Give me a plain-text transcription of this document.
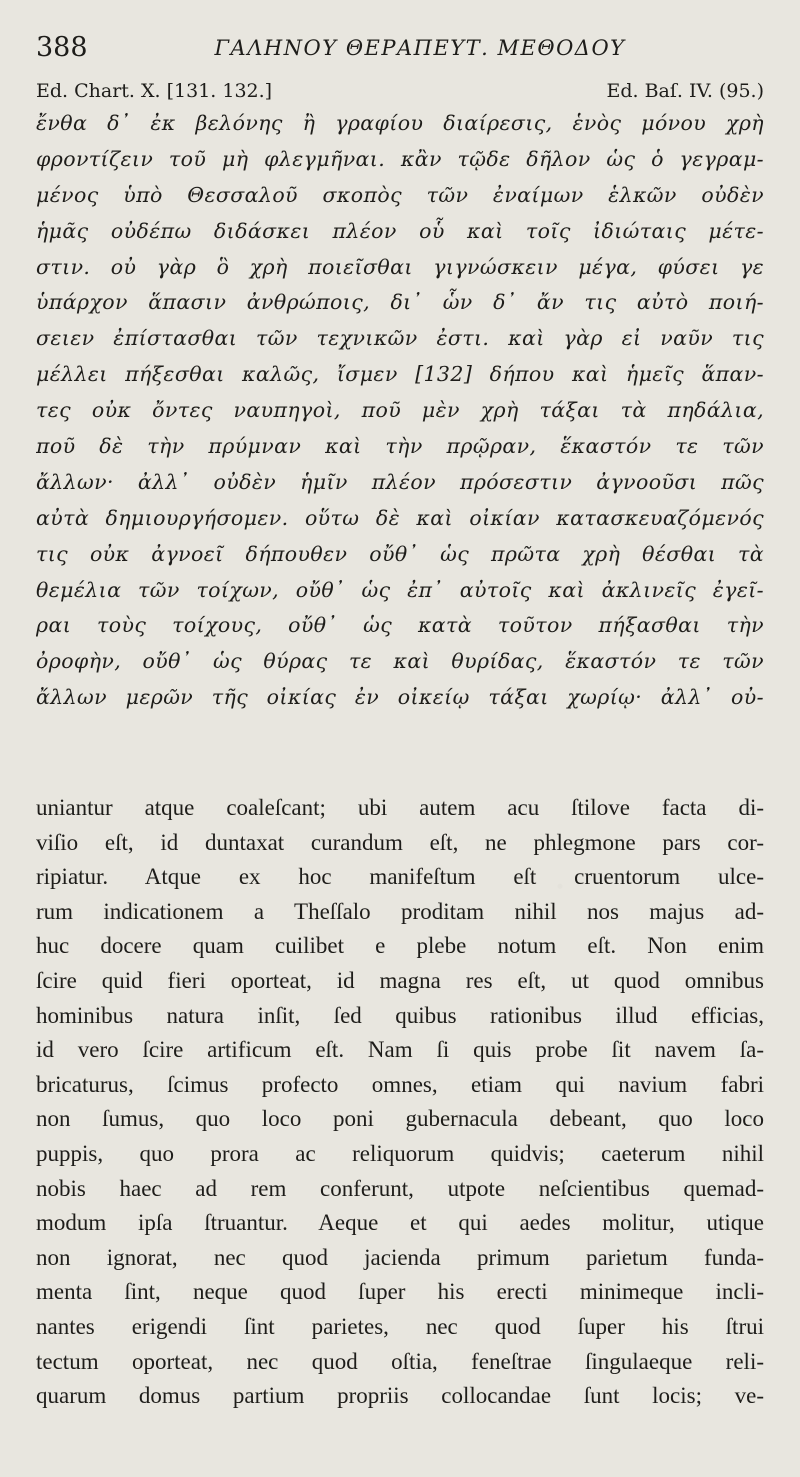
388	ΓΑΛΗΝΟΥ ΘΕΡΑΠΕΥΤ. ΜΕΘΟΔΟΥ
Ed. Chart. X. [131. 132.]	Ed. Baſ. IV. (95.)
ἔνθα δ᾽ ἐκ βελόνης ἢ γραφίου διαίρεσις, ἑνὸς μόνου χρὴ
φροντίζειν τοῦ μὴ φλεγμῆναι. κἂν τῷδε δῆλον ὡς ὁ γεγραμ-
μένος ὑπὸ Θεσσαλοῦ σκοπὸς τῶν ἐναίμων ἑλκῶν οὐδὲν
ἡμᾶς οὐδέπω διδάσκει πλέον οὗ καὶ τοῖς ἰδιώταις μέτε-
στιν. οὐ γὰρ ὃ χρὴ ποιεῖσθαι γιγνώσκειν μέγα, φύσει γε
ὑπάρχον ἅπασιν ἀνθρώποις, δι᾽ ὧν δ᾽ ἄν τις αὐτὸ ποιή-
σειεν ἐπίστασθαι τῶν τεχνικῶν ἐστι. καὶ γὰρ εἰ ναῦν τις
μέλλει πήξεσθαι καλῶς, ἴσμεν [132] δήπου καὶ ἡμεῖς ἅπαν-
τες οὐκ ὄντες ναυπηγοὶ, ποῦ μὲν χρὴ τάξαι τὰ πηδάλια,
ποῦ δὲ τὴν πρύμναν καὶ τὴν πρῷραν, ἕκαστόν τε τῶν
ἄλλων· ἀλλ᾽ οὐδὲν ἡμῖν πλέον πρόσεστιν ἀγνοοῦσι πῶς
αὐτὰ δημιουργήσομεν. οὕτω δὲ καὶ οἰκίαν κατασκευαζόμενός
τις οὐκ ἀγνοεῖ δήπουθεν οὔθ᾽ ὡς πρῶτα χρὴ θέσθαι τὰ
θεμέλια τῶν τοίχων, οὔθ᾽ ὡς ἐπ᾽ αὐτοῖς καὶ ἀκλινεῖς ἐγεῖ-
ραι τοὺς τοίχους, οὔθ᾽ ὡς κατὰ τοῦτον πήξασθαι τὴν
ὀροφὴν, οὔθ᾽ ὡς θύρας τε καὶ θυρίδας, ἕκαστόν τε τῶν
ἄλλων μερῶν τῆς οἰκίας ἐν οἰκείῳ τάξαι χωρίῳ· ἀλλ᾽ οὐ-
uniantur atque coaleſcant; ubi autem acu ſtilove facta di-
viſio eſt, id duntaxat curandum eſt, ne phlegmone pars cor-
ripiatur. Atque ex hoc manifeſtum eſt cruentorum ulce-
rum indicationem a Theſſalo proditam nihil nos majus ad-
huc docere quam cuilibet e plebe notum eſt. Non enim
ſcire quid fieri oporteat, id magna res eſt, ut quod omnibus
hominibus natura inſit, ſed quibus rationibus illud efficias,
id vero ſcire artificum eſt. Nam ſi quis probe ſit navem ſa-
bricaturus, ſcimus profecto omnes, etiam qui navium fabri
non ſumus, quo loco poni gubernacula debeant, quo loco
puppis, quo prora ac reliquorum quidvis; caeterum nihil
nobis haec ad rem conferunt, utpote neſcientibus quemad-
modum ipſa ſtruantur. Aeque et qui aedes molitur, utique
non ignorat, nec quod jacienda primum parietum funda-
menta ſint, neque quod ſuper his erecti minimeque incli-
nantes erigendi ſint parietes, nec quod ſuper his ſtrui
tectum oporteat, nec quod oſtia, feneſtrae ſingulaeque reli-
quarum domus partium propriis collocandae ſunt locis; ve-
